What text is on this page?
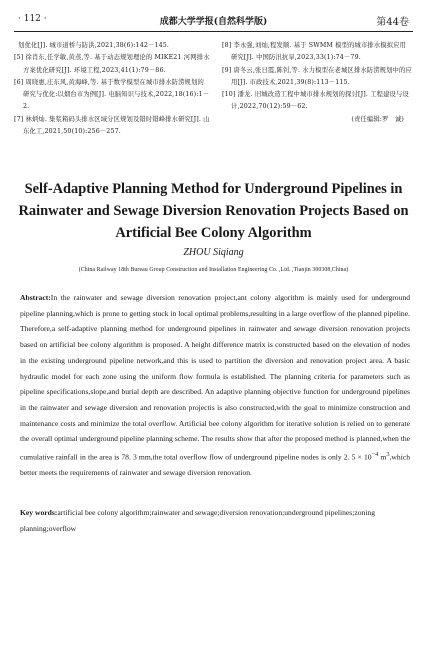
· 112 ·	成都大学学报(自然科学版)	第44卷

划优化[J]. 城市道桥与防洪,2021,38(6):142－145.

[5] 徐肖东,任学敏,黄蒸,等. 基于动态规划理论的 MIKE21 河网排水方案优化研究[J]. 环境工程,2023,41(1):79－86.

[6] 周晓惠,庄东风,黄海峰,等. 基于数学模型在城市排水防涝规划的研究与优化:以烟台市为例[J]. 电脑知识与技术,2022,18(16):1－2.

[7] 林炳灿. 集浆箱码头排水区域分区规划及错时错峰排水研究[J]. 山东化工,2021,50(10):256－257.

[8] 李永强,刘灿,程发顺. 基于 SWMM 模型的城市排水模拟应用研究[J]. 中国防汛抗旱,2023,33(1):74－79.

[9] 唐冬云,张日霞,陈钊,等. 水力模型在老城区排水防涝规划中的应用[J]. 市政技术,2021,39(8):113－115.

[10] 潘龙. 旧城改造工程中城市排水规划的探讨[J]. 工程建设与设计,2022,70(12):59－62.

(责任编辑:罗　诚)

Self-Adaptive Planning Method for Underground Pipelines in Rainwater and Sewage Diversion Renovation Projects Based on Artificial Bee Colony Algorithm
ZHOU Siqiang
(China Railway 18th Bureau Group Construction and Installation Engineering Co. ,Ltd. ,Tianjin 300308,China)
Abstract:In the rainwater and sewage diversion renovation project,ant colony algorithm is mainly used for underground pipeline planning,which is prone to getting stuck in local optimal problems,resulting in a large overflow of the planned pipeline. Therefore,a self-adaptive planning method for underground pipelines in rainwater and sewage diversion renovation projects based on artificial bee colony algorithm is proposed. A height difference matrix is constructed based on the elevation of nodes in the existing underground pipeline network,and this is used to partition the diversion and renovation project area. A basic hydraulic model for each zone using the uniform flow formula is established. The planning criteria for parameters such as pipeline specifications,slope,and burial depth are described. An adaptive planning objective function for underground pipelines in the rainwater and sewage diversion and renovation projectis is also constructed,with the goal to minimize construction and maintenance costs and minimize the total overflow. Artificial bee colony algorithm for iterative solution is relied on to generate the overall optimal underground pipeline planning scheme. The results show that after the proposed method is planned,when the cumulative rainfall in the area is 78. 3 mm,the total overflow flow of underground pipeline nodes is only 2. $5 \times 10^{-4}$ $m^3,which$ better meets the requirements of rainwater and sewage diversion renovation.
Key words:artificial bee colony algorithm;rainwater and sewage;diversion renovation;underground pipelines;zoning planning;overflow
